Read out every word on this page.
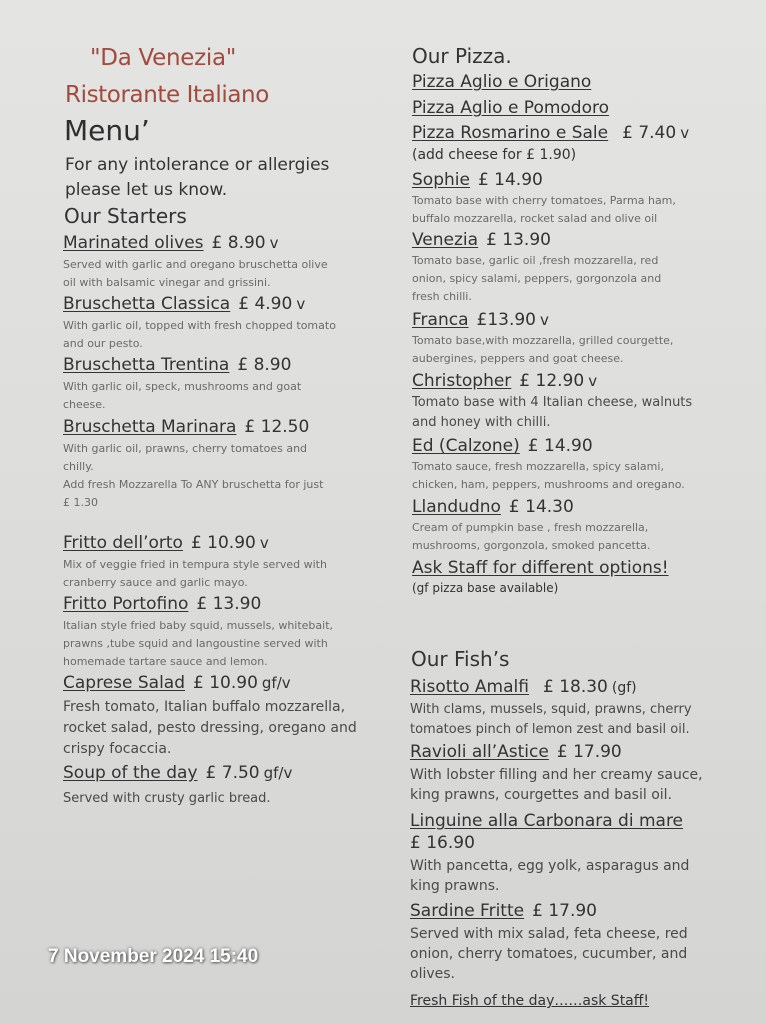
"Da Venezia"
Ristorante Italiano
Menu’
For any intolerance or allergies
please let us know.
Our Starters
Marinated olives £ 8.90 v
Served with garlic and oregano bruschetta olive
oil with balsamic vinegar and grissini.
Bruschetta Classica £ 4.90 v
With garlic oil, topped with fresh chopped tomato
and our pesto.
Bruschetta Trentina £ 8.90
With garlic oil, speck, mushrooms and goat
cheese.
Bruschetta Marinara £ 12.50
With garlic oil, prawns, cherry tomatoes and
chilly.
Add fresh Mozzarella To ANY bruschetta for just
£ 1.30
Fritto dell’orto £ 10.90 v
Mix of veggie fried in tempura style served with
cranberry sauce and garlic mayo.
Fritto Portofino £ 13.90
Italian style fried baby squid, mussels, whitebait,
prawns ,tube squid and langoustine served with
homemade tartare sauce and lemon.
Caprese Salad £ 10.90 gf/v
Fresh tomato, Italian buffalo mozzarella,
rocket salad, pesto dressing, oregano and
crispy focaccia.
Soup of the day £ 7.50 gf/v
Served with crusty garlic bread.
Our Pizza.
Pizza Aglio e Origano
Pizza Aglio e Pomodoro
Pizza Rosmarino e Sale £ 7.40 v
(add cheese for £ 1.90)
Sophie £ 14.90
Tomato base with cherry tomatoes, Parma ham,
buffalo mozzarella, rocket salad and olive oil
Venezia £ 13.90
Tomato base, garlic oil ,fresh mozzarella, red
onion, spicy salami, peppers, gorgonzola and
fresh chilli.
Franca £13.90 v
Tomato base,with mozzarella, grilled courgette,
aubergines, peppers and goat cheese.
Christopher £ 12.90 v
Tomato base with 4 Italian cheese, walnuts
and honey with chilli.
Ed (Calzone) £ 14.90
Tomato sauce, fresh mozzarella, spicy salami,
chicken, ham, peppers, mushrooms and oregano.
Llandudno £ 14.30
Cream of pumpkin base , fresh mozzarella,
mushrooms, gorgonzola, smoked pancetta.
Ask Staff for different options!
(gf pizza base available)
Our Fish’s
Risotto Amalfi £ 18.30 (gf)
With clams, mussels, squid, prawns, cherry
tomatoes pinch of lemon zest and basil oil.
Ravioli all’Astice £ 17.90
With lobster filling and her creamy sauce,
king prawns, courgettes and basil oil.
Linguine alla Carbonara di mare
£ 16.90
With pancetta, egg yolk, asparagus and
king prawns.
Sardine Fritte £ 17.90
Served with mix salad, feta cheese, red
onion, cherry tomatoes, cucumber, and
olives.
Fresh Fish of the day……ask Staff!
7 November 2024 15:40
